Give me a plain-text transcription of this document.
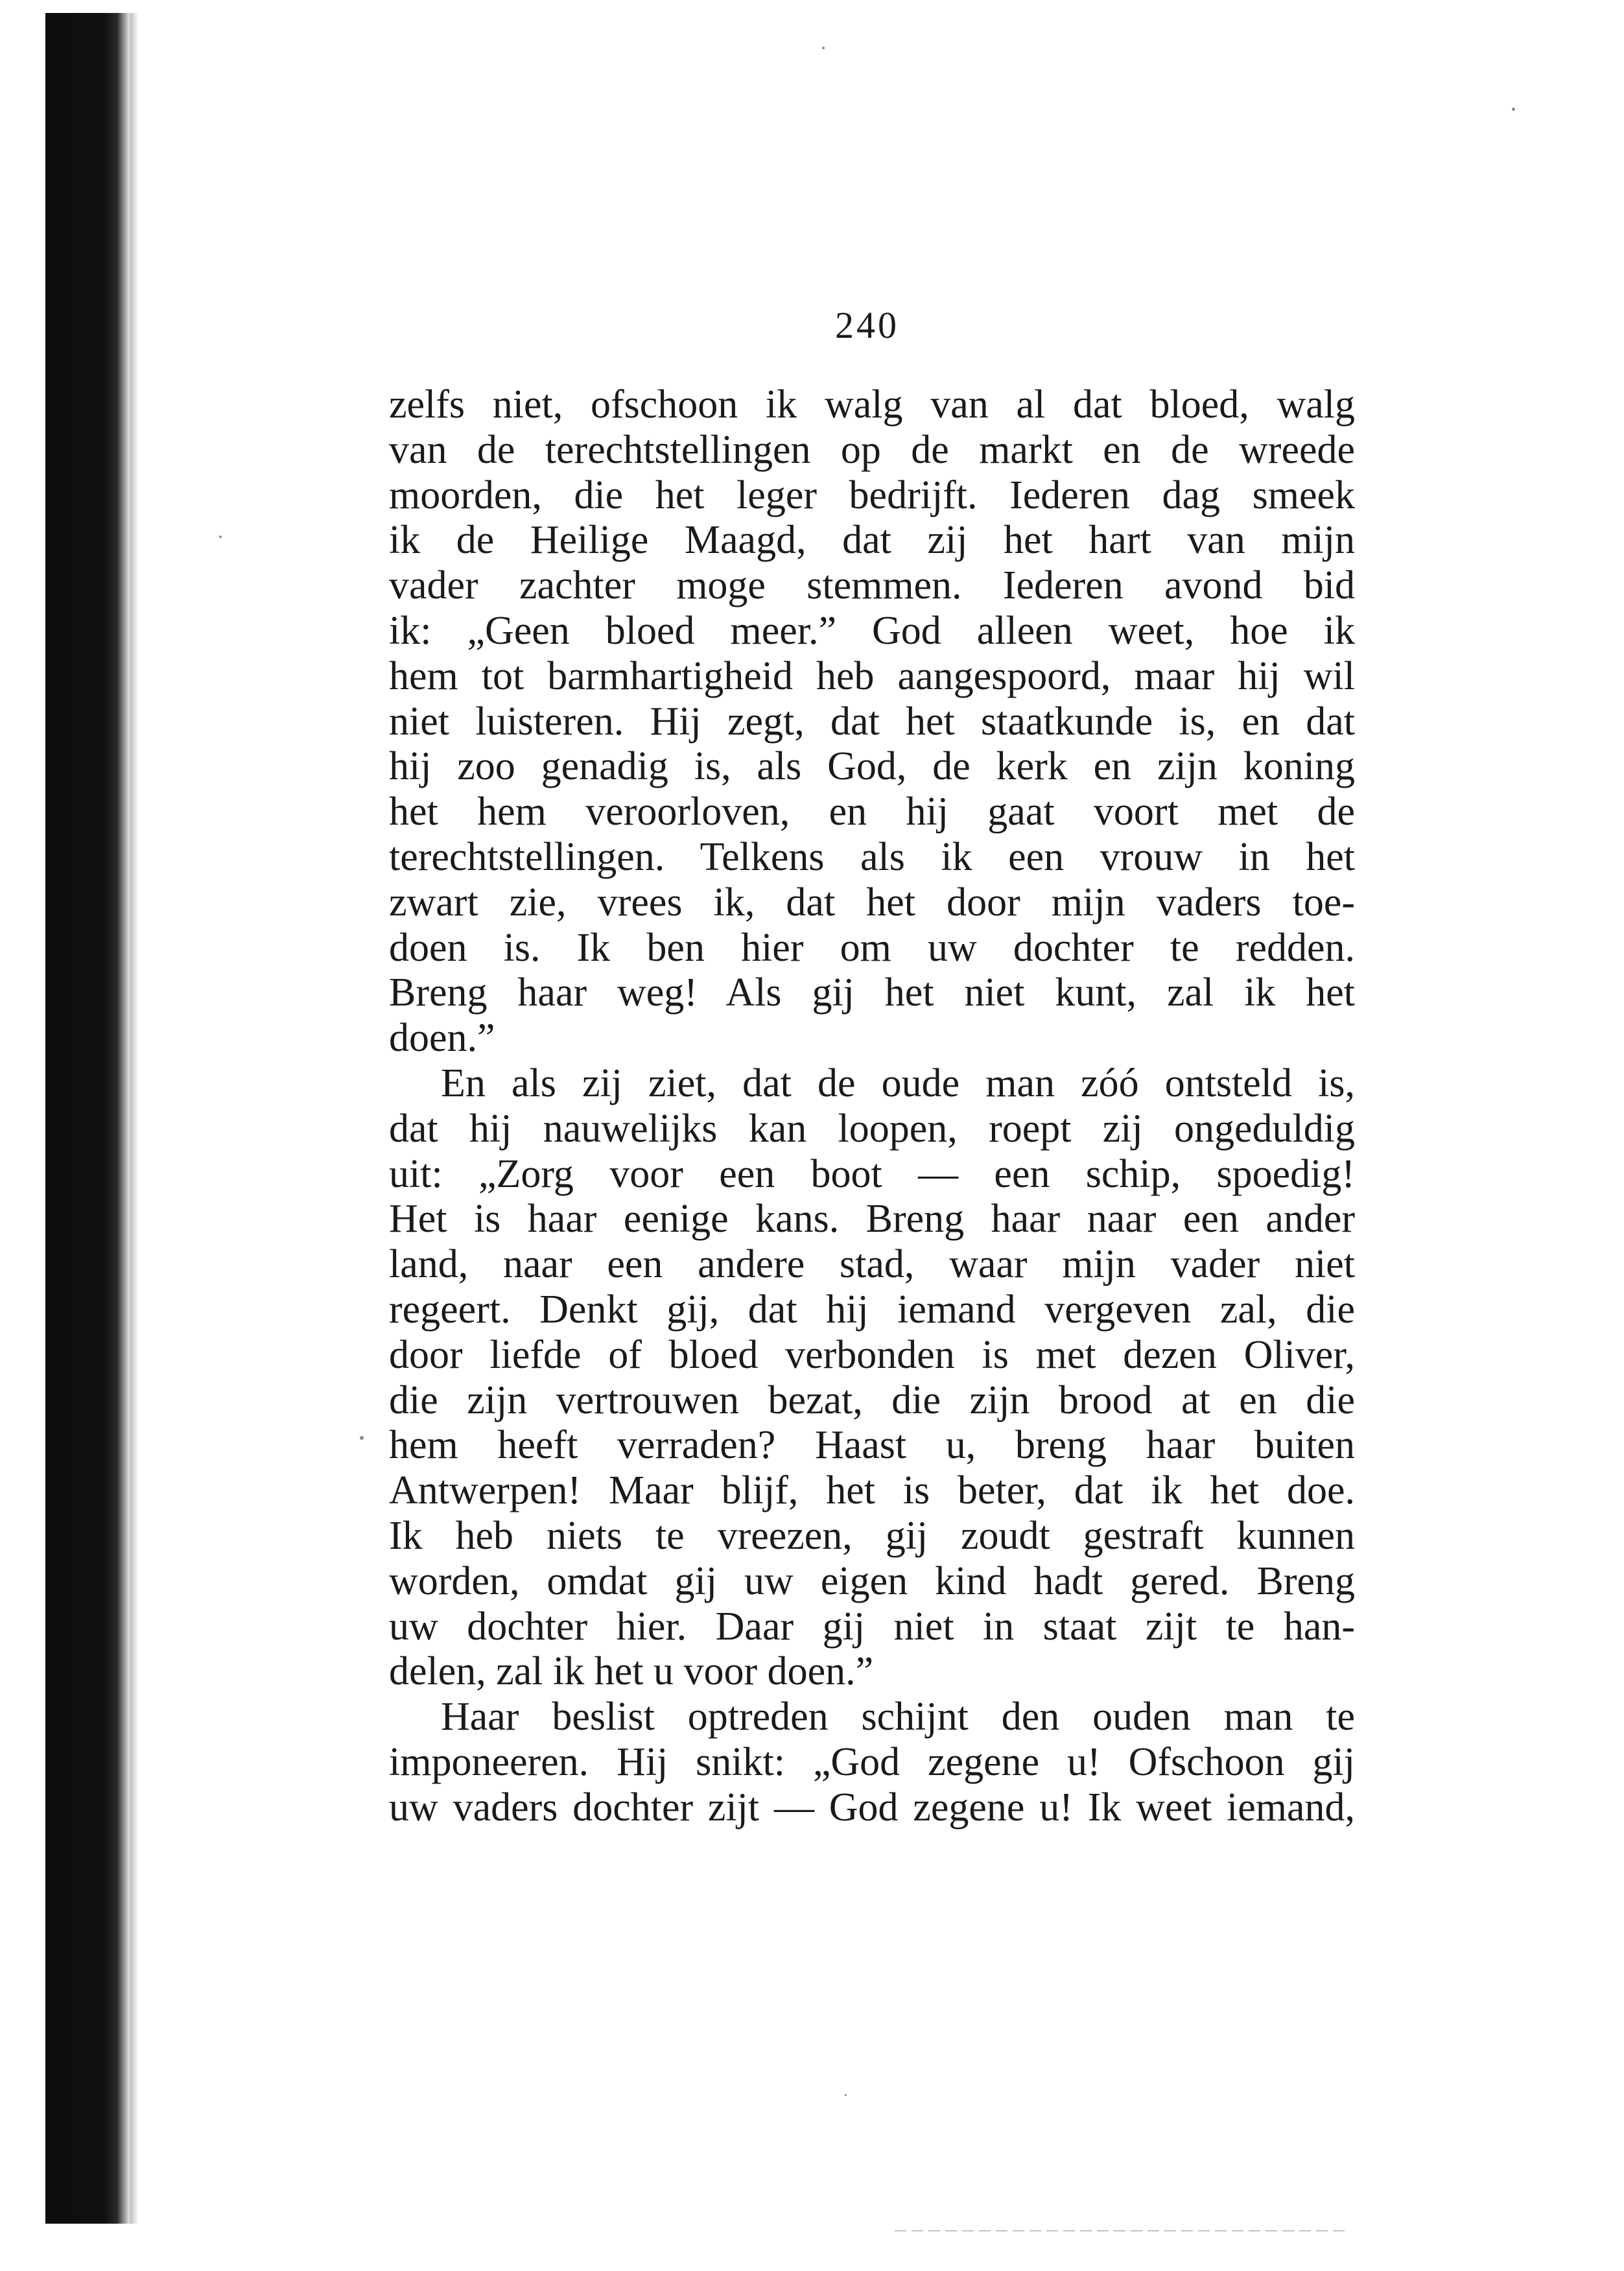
240
zelfs niet, ofschoon ik walg van al dat bloed, walg
van de terechtstellingen op de markt en de wreede
moorden, die het leger bedrijft. Iederen dag smeek
ik de Heilige Maagd, dat zij het hart van mijn
vader zachter moge stemmen. Iederen avond bid
ik: „Geen bloed meer.” God alleen weet, hoe ik
hem tot barmhartigheid heb aangespoord, maar hij wil
niet luisteren. Hij zegt, dat het staatkunde is, en dat
hij zoo genadig is, als God, de kerk en zijn koning
het hem veroorloven, en hij gaat voort met de
terechtstellingen. Telkens als ik een vrouw in het
zwart zie, vrees ik, dat het door mijn vaders toe-
doen is. Ik ben hier om uw dochter te redden.
Breng haar weg! Als gij het niet kunt, zal ik het
doen.”
En als zij ziet, dat de oude man zóó ontsteld is,
dat hij nauwelijks kan loopen, roept zij ongeduldig
uit: „Zorg voor een boot — een schip, spoedig!
Het is haar eenige kans. Breng haar naar een ander
land, naar een andere stad, waar mijn vader niet
regeert. Denkt gij, dat hij iemand vergeven zal, die
door liefde of bloed verbonden is met dezen Oliver,
die zijn vertrouwen bezat, die zijn brood at en die
hem heeft verraden? Haast u, breng haar buiten
Antwerpen! Maar blijf, het is beter, dat ik het doe.
Ik heb niets te vreezen, gij zoudt gestraft kunnen
worden, omdat gij uw eigen kind hadt gered. Breng
uw dochter hier. Daar gij niet in staat zijt te han-
delen, zal ik het u voor doen.”
Haar beslist optreden schijnt den ouden man te
imponeeren. Hij snikt: „God zegene u! Ofschoon gij
uw vaders dochter zijt — God zegene u! Ik weet iemand,
